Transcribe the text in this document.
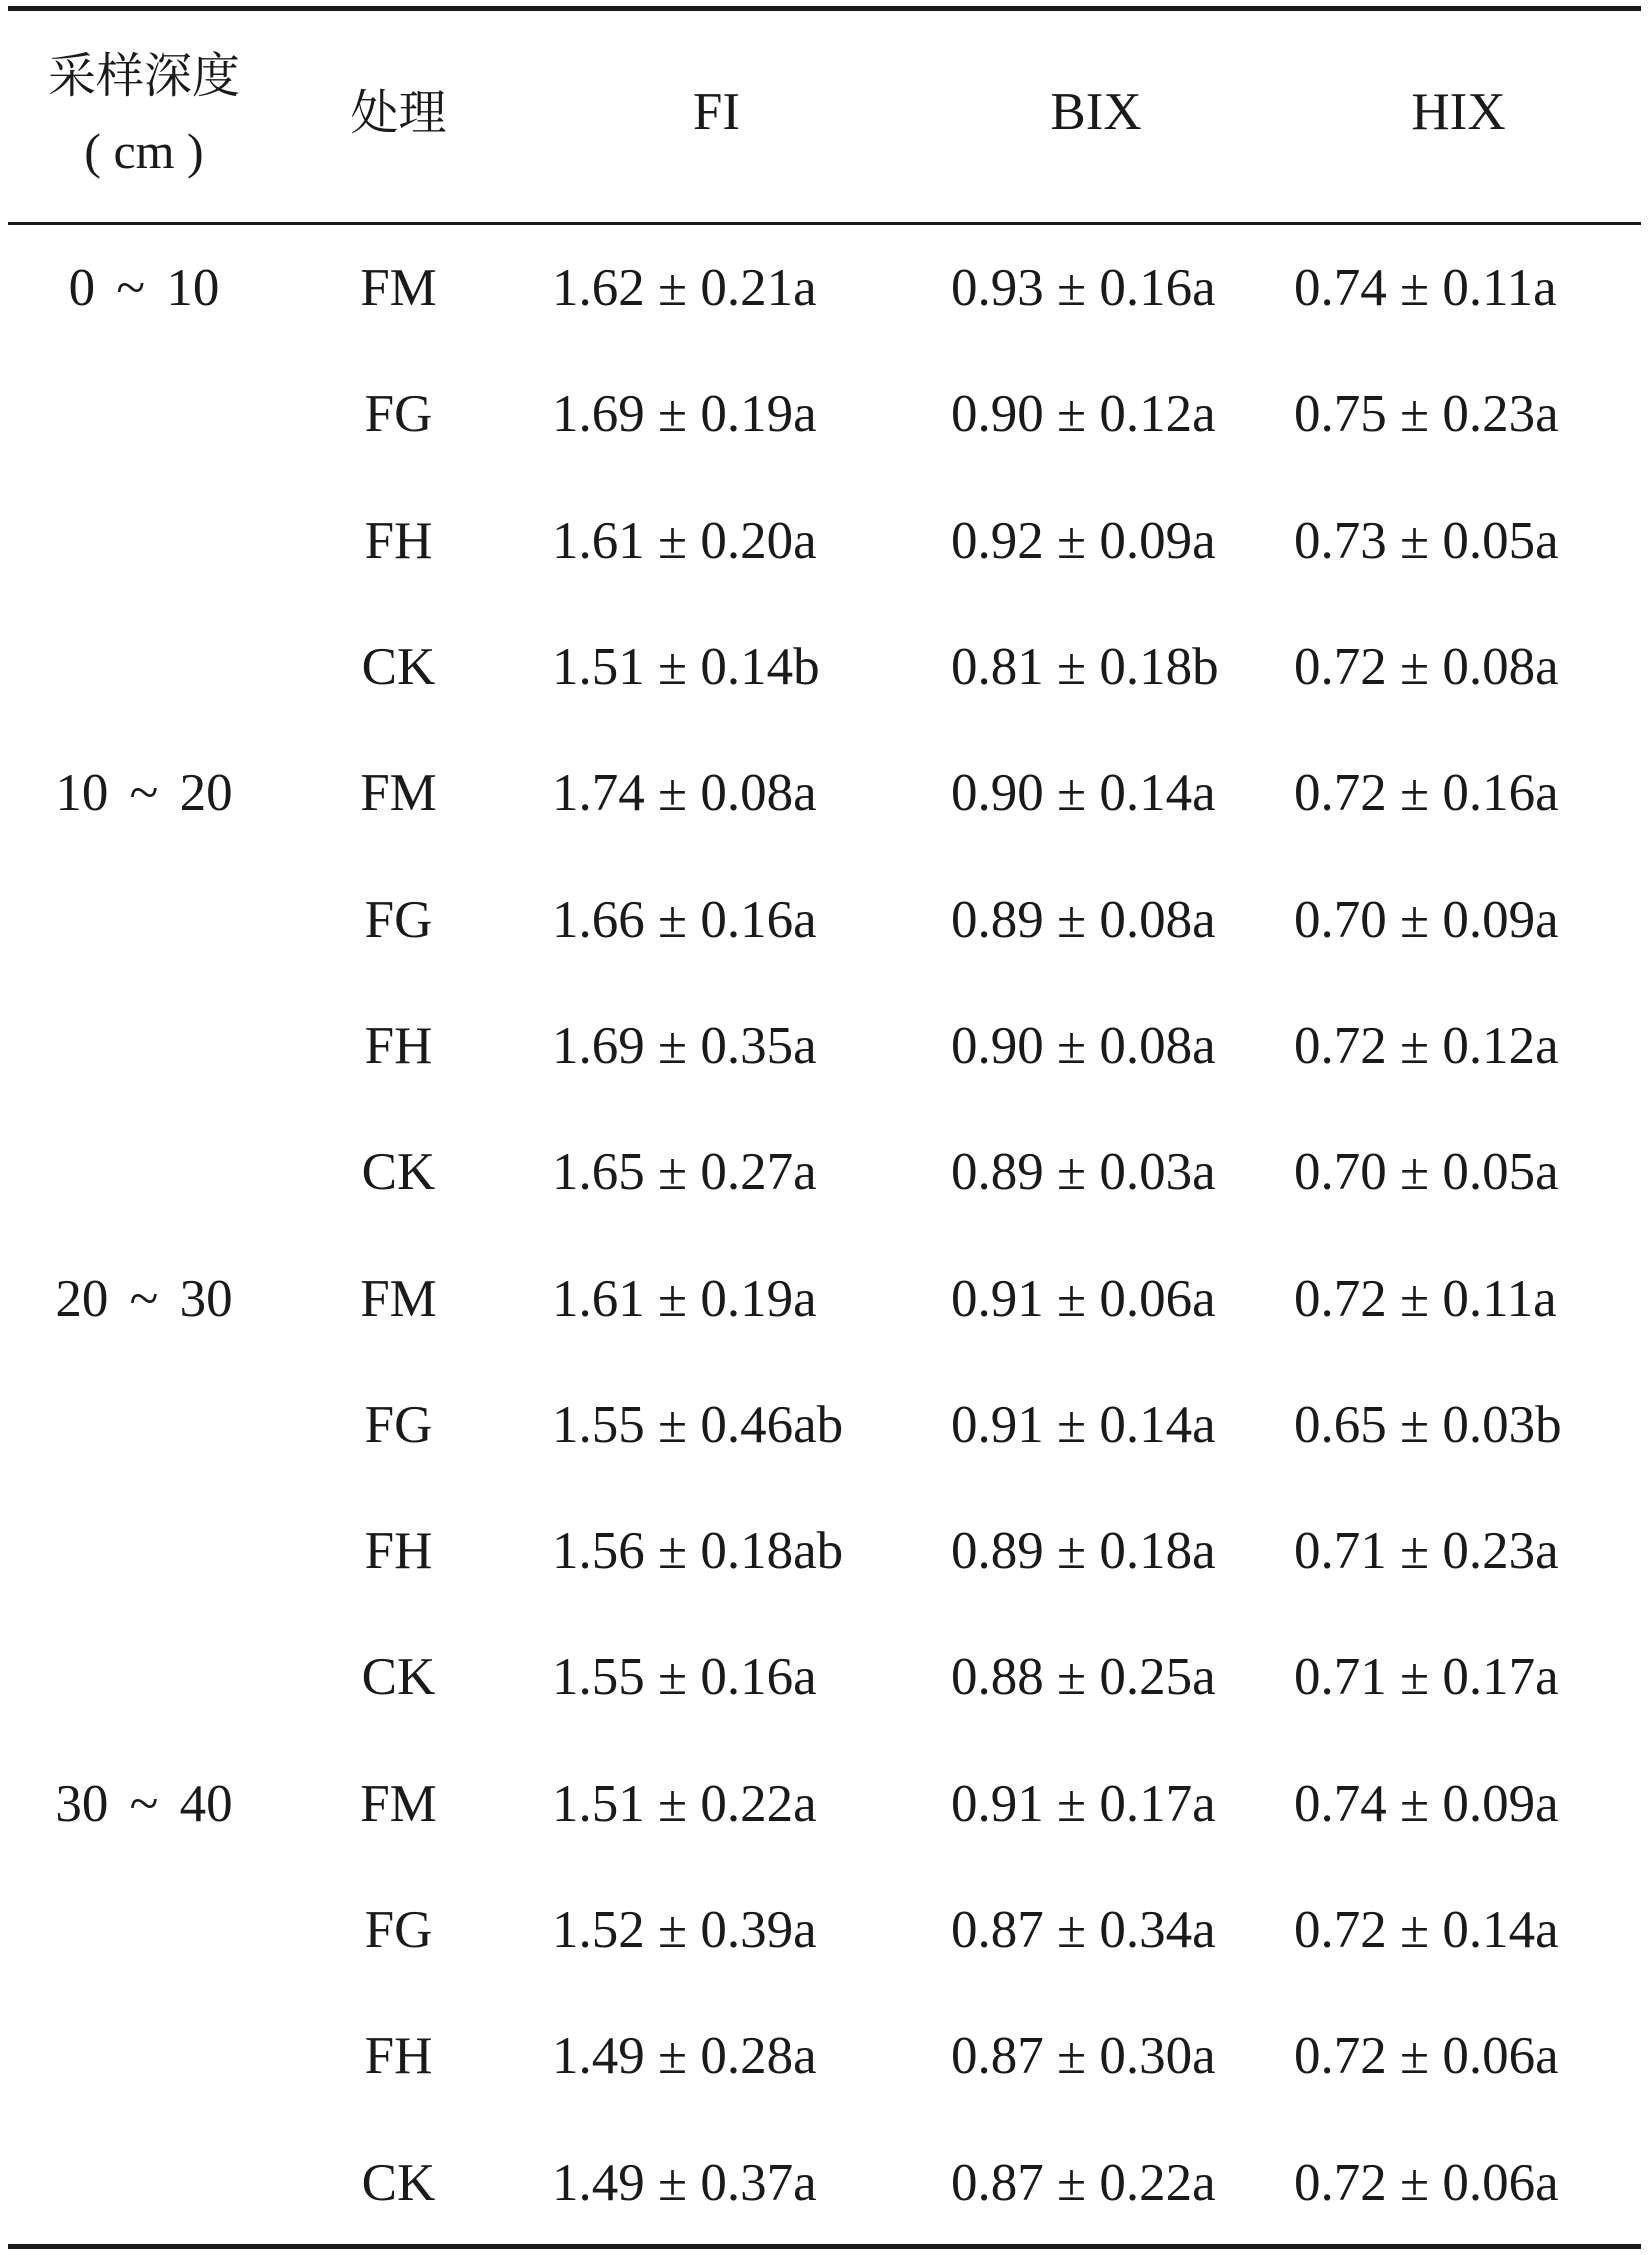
采样深度
( cm )	处理	FI	BIX	HIX
0 ~ 10	FM	1.62 ± 0.21a	0.93 ± 0.16a	0.74 ± 0.11a
	FG	1.69 ± 0.19a	0.90 ± 0.12a	0.75 ± 0.23a
	FH	1.61 ± 0.20a	0.92 ± 0.09a	0.73 ± 0.05a
	CK	1.51 ± 0.14b	0.81 ± 0.18b	0.72 ± 0.08a
10 ~ 20	FM	1.74 ± 0.08a	0.90 ± 0.14a	0.72 ± 0.16a
	FG	1.66 ± 0.16a	0.89 ± 0.08a	0.70 ± 0.09a
	FH	1.69 ± 0.35a	0.90 ± 0.08a	0.72 ± 0.12a
	CK	1.65 ± 0.27a	0.89 ± 0.03a	0.70 ± 0.05a
20 ~ 30	FM	1.61 ± 0.19a	0.91 ± 0.06a	0.72 ± 0.11a
	FG	1.55 ± 0.46ab	0.91 ± 0.14a	0.65 ± 0.03b
	FH	1.56 ± 0.18ab	0.89 ± 0.18a	0.71 ± 0.23a
	CK	1.55 ± 0.16a	0.88 ± 0.25a	0.71 ± 0.17a
30 ~ 40	FM	1.51 ± 0.22a	0.91 ± 0.17a	0.74 ± 0.09a
	FG	1.52 ± 0.39a	0.87 ± 0.34a	0.72 ± 0.14a
	FH	1.49 ± 0.28a	0.87 ± 0.30a	0.72 ± 0.06a
	CK	1.49 ± 0.37a	0.87 ± 0.22a	0.72 ± 0.06a
